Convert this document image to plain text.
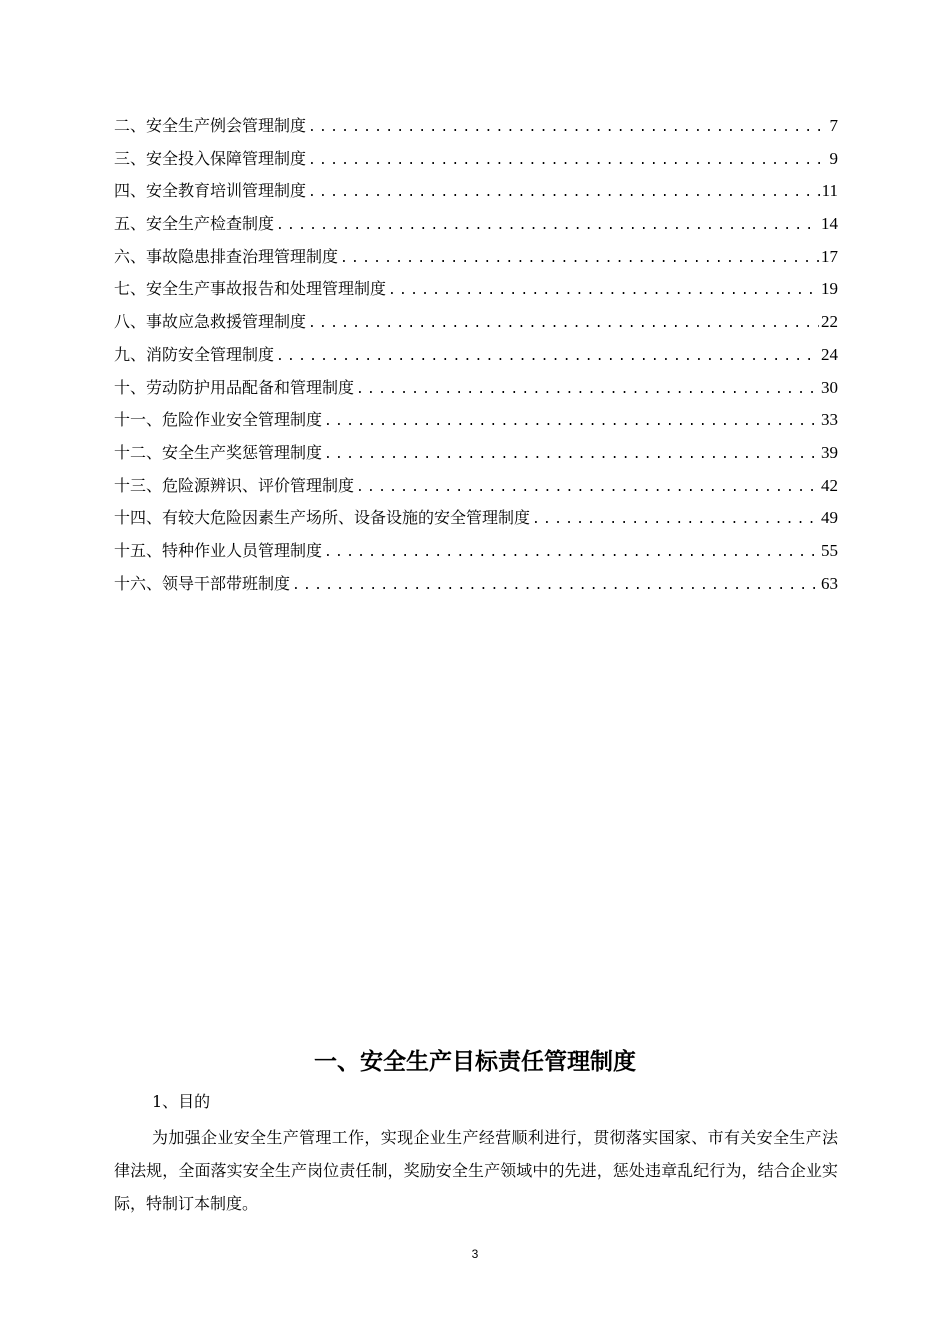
二、安全生产例会管理制度 .....	7
三、安全投入保障管理制度 .....	9
四、安全教育培训管理制度 .....	11
五、安全生产检查制度 .....	14
六、事故隐患排查治理管理制度 .....	17
七、安全生产事故报告和处理管理制度 .....	19
八、事故应急救援管理制度 .....	22
九、消防安全管理制度 .....	24
十、劳动防护用品配备和管理制度 .....	30
十一、危险作业安全管理制度 .....	33
十二、安全生产奖惩管理制度 .....	39
十三、危险源辨识、评价管理制度 .....	42
十四、有较大危险因素生产场所、设备设施的安全管理制度 .....	49
十五、特种作业人员管理制度 .....	55
十六、领导干部带班制度 .....	63
一、安全生产目标责任管理制度
1、目的

为加强企业安全生产管理工作，实现企业生产经营顺利进行，贯彻落实国家、市有关安全生产法律法规，全面落实安全生产岗位责任制，奖励安全生产领域中的先进，惩处违章乱纪行为，结合企业实际，特制订本制度。

3
